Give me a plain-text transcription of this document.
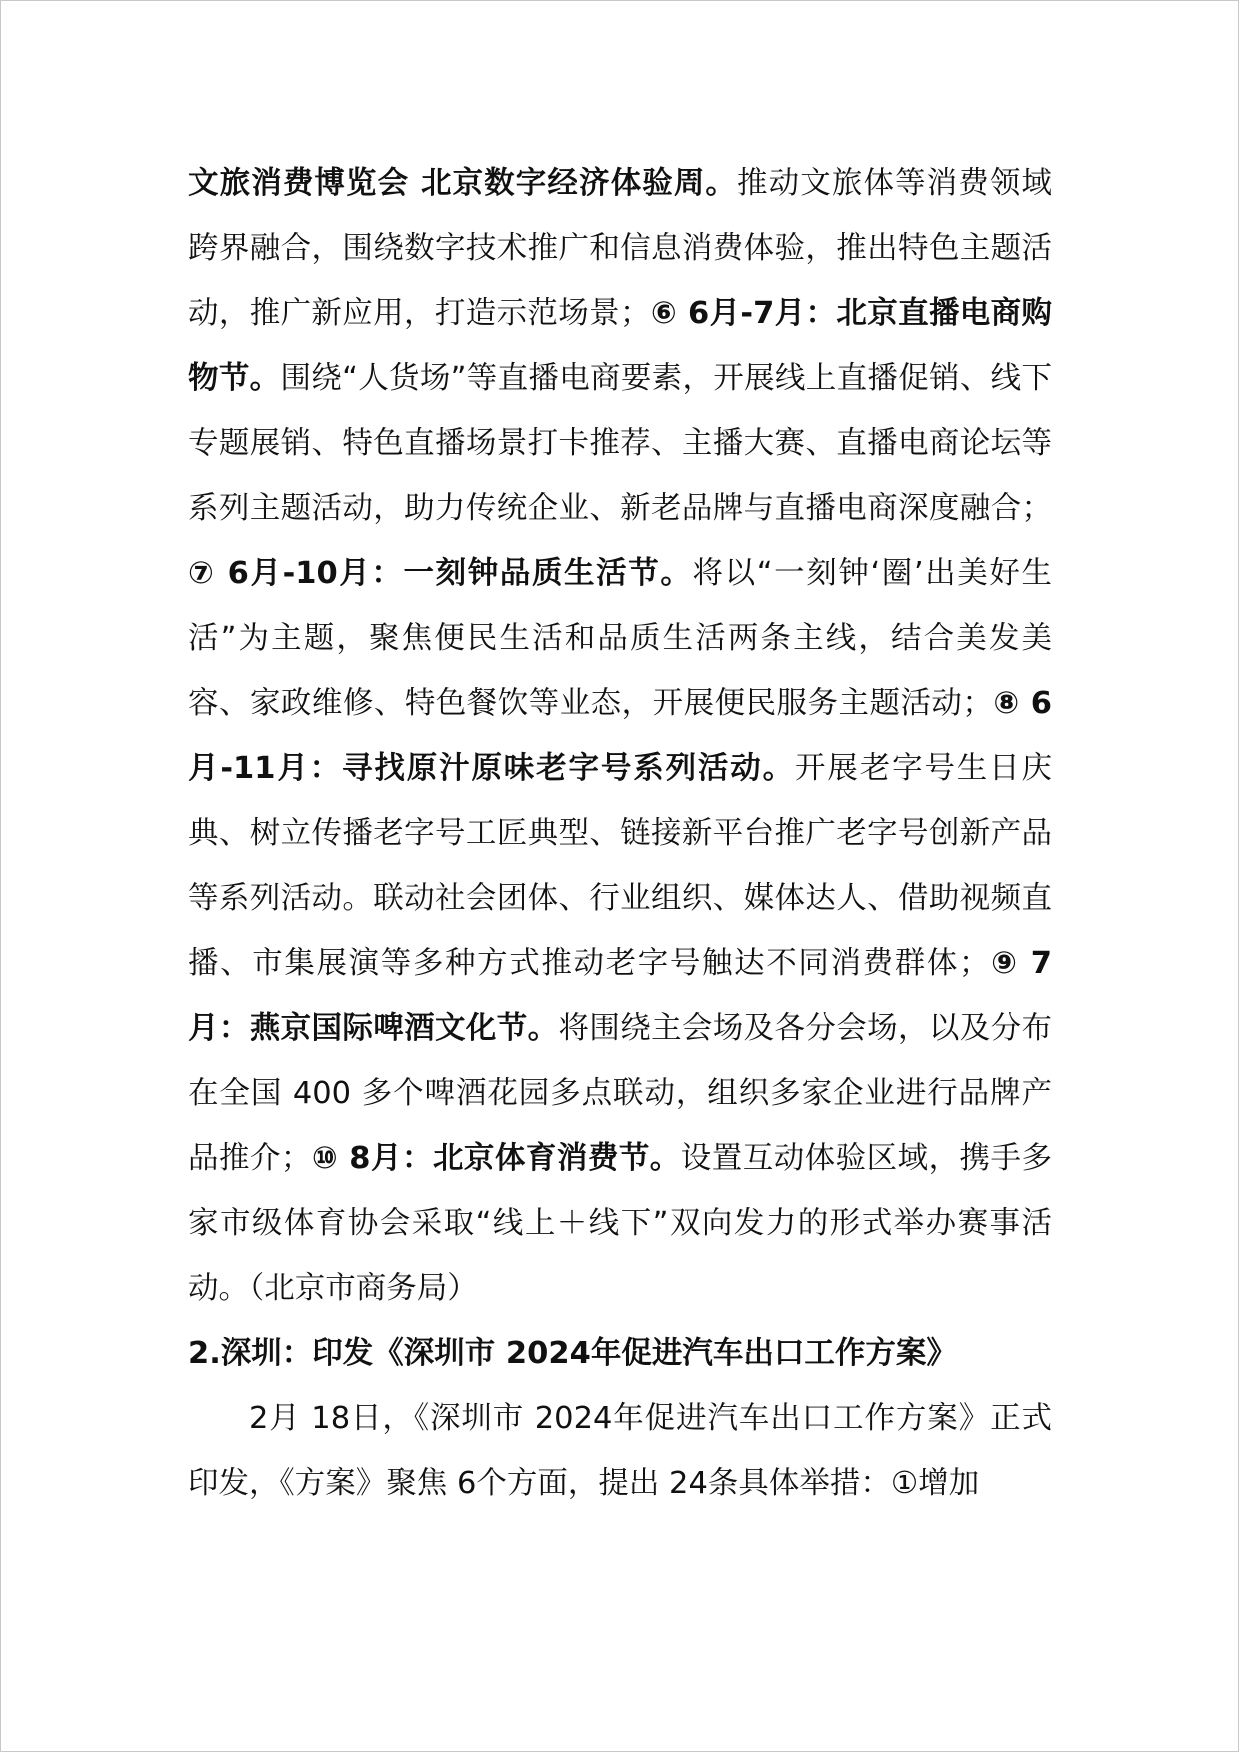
文旅消费博览会 北京数字经济体验周。推动文旅体等消费领域跨界融合，围绕数字技术推广和信息消费体验，推出特色主题活动，推广新应用，打造示范场景；⑥ 6月-7月：北京直播电商购物节。围绕“人货场”等直播电商要素，开展线上直播促销、线下专题展销、特色直播场景打卡推荐、主播大赛、直播电商论坛等系列主题活动，助力传统企业、新老品牌与直播电商深度融合；⑦ 6月-10月：一刻钟品质生活节。将以“一刻钟‘圈’出美好生活”为主题，聚焦便民生活和品质生活两条主线，结合美发美容、家政维修、特色餐饮等业态，开展便民服务主题活动；⑧ 6月-11月：寻找原汁原味老字号系列活动。开展老字号生日庆典、树立传播老字号工匠典型、链接新平台推广老字号创新产品等系列活动。联动社会团体、行业组织、媒体达人、借助视频直播、市集展演等多种方式推动老字号触达不同消费群体；⑨ 7月：燕京国际啤酒文化节。将围绕主会场及各分会场，以及分布在全国 400 多个啤酒花园多点联动，组织多家企业进行品牌产品推介；⑩ 8月：北京体育消费节。设置互动体验区域，携手多家市级体育协会采取“线上＋线下”双向发力的形式举办赛事活动。（北京市商务局）

2.深圳：印发《深圳市 2024年促进汽车出口工作方案》

2月 18日，《深圳市 2024年促进汽车出口工作方案》正式印发，《方案》聚焦 6个方面，提出 24条具体举措：①增加
